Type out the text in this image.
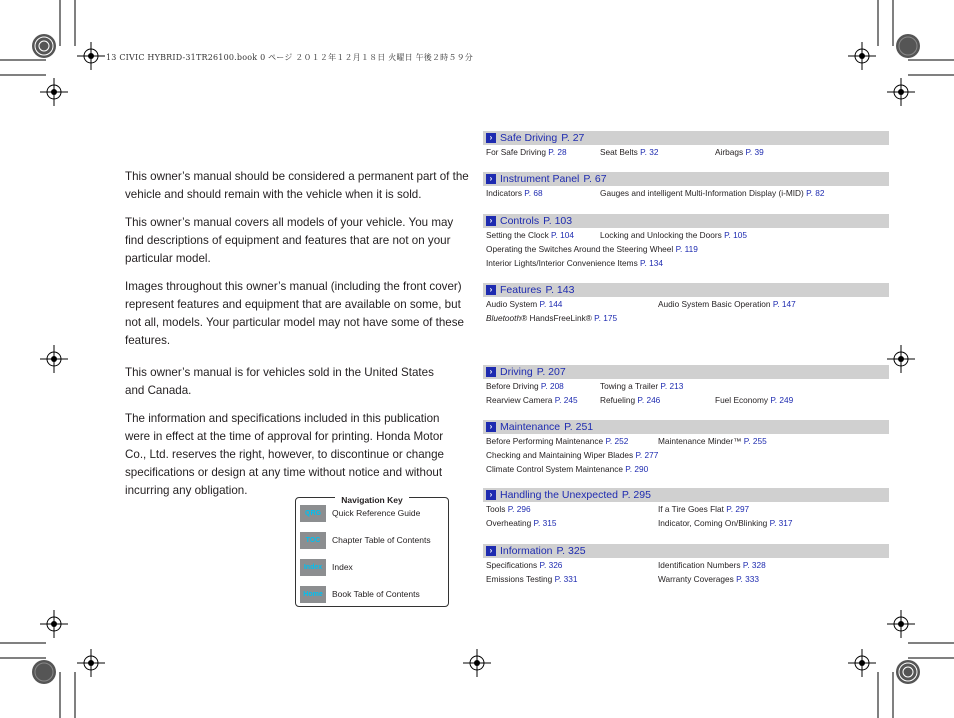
13 CIVIC HYBRID-31TR26100.book 0 ページ ２０１２年１２月１８日 火曜日 午後２時５９分

This owner’s manual should be considered a permanent part of the vehicle and should remain with the vehicle when it is sold.

This owner’s manual covers all models of your vehicle. You may find descriptions of equipment and features that are not on your particular model.

Images throughout this owner’s manual (including the front cover) represent features and equipment that are available on some, but not all, models. Your particular model may not have some of these features.

This owner’s manual is for vehicles sold in the United States and Canada.

The information and specifications included in this publication were in effect at the time of approval for printing. Honda Motor Co., Ltd. reserves the right, however, to discontinue or change specifications or design at any time without notice and without incurring any obligation.

Navigation Key
QRG	Quick Reference Guide
TOC	Chapter Table of Contents
Index	Index
Home	Book Table of Contents
› Safe Driving P. 27
For Safe Driving P. 28	Seat Belts P. 32	Airbags P. 39
› Instrument Panel P. 67
Indicators P. 68	Gauges and intelligent Multi-Information Display (i-MID) P. 82
› Controls P. 103
Setting the Clock P. 104	Locking and Unlocking the Doors P. 105
Operating the Switches Around the Steering Wheel P. 119
Interior Lights/Interior Convenience Items P. 134
› Features P. 143
Audio System P. 144	Audio System Basic Operation P. 147
Bluetooth® HandsFreeLink® P. 175
› Driving P. 207
Before Driving P. 208	Towing a Trailer P. 213
Rearview Camera P. 245	Refueling P. 246	Fuel Economy P. 249
› Maintenance P. 251
Before Performing Maintenance P. 252	Maintenance Minder™ P. 255
Checking and Maintaining Wiper Blades P. 277
Climate Control System Maintenance P. 290
› Handling the Unexpected P. 295
Tools P. 296	If a Tire Goes Flat P. 297
Overheating P. 315	Indicator, Coming On/Blinking P. 317
› Information P. 325
Specifications P. 326	Identification Numbers P. 328
Emissions Testing P. 331	Warranty Coverages P. 333
